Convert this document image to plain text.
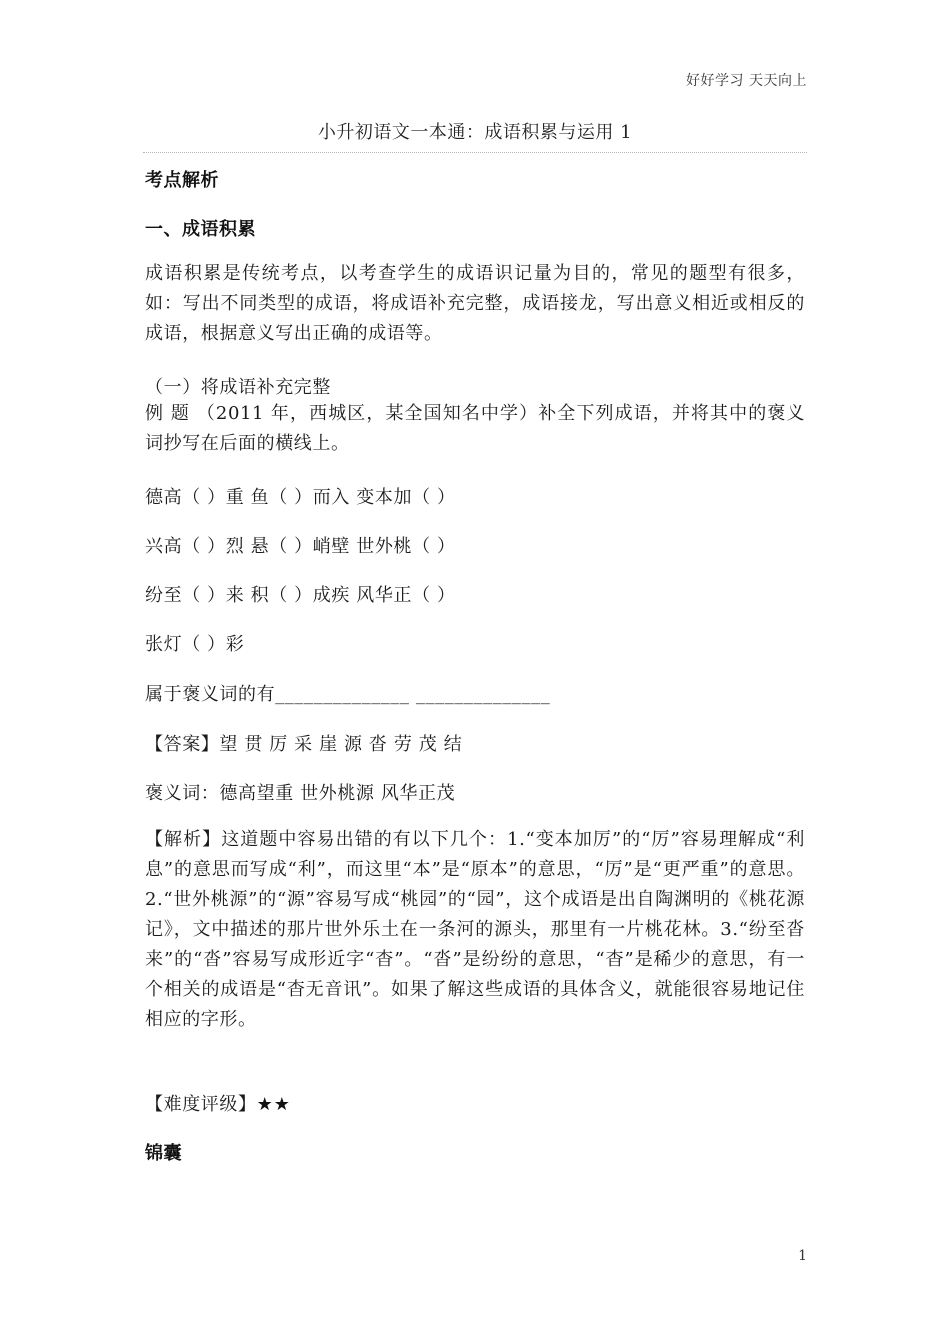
好好学习 天天向上
小升初语文一本通：成语积累与运用 1
考点解析
一、成语积累
成语积累是传统考点，以考查学生的成语识记量为目的，常见的题型有很多，如：写出不同类型的成语，将成语补充完整，成语接龙，写出意义相近或相反的成语，根据意义写出正确的成语等。
（一）将成语补充完整
例 题 （2011 年，西城区，某全国知名中学）补全下列成语，并将其中的褒义词抄写在后面的横线上。
德高（ ）重 鱼（ ）而入 变本加（ ）
兴高（ ）烈 悬（ ）峭壁 世外桃（ ）
纷至（ ）来 积（ ）成疾 风华正（ ）
张灯（ ）彩
属于褒义词的有______________ ______________
【答案】望 贯 厉 采 崖 源 沓 劳 茂 结
褒义词：德高望重 世外桃源 风华正茂
【解析】这道题中容易出错的有以下几个：1.“变本加厉”的“厉”容易理解成“利息”的意思而写成“利”，而这里“本”是“原本”的意思，“厉”是“更严重”的意思。2.“世外桃源”的“源”容易写成“桃园”的“园”，这个成语是出自陶渊明的《桃花源记》，文中描述的那片世外乐土在一条河的源头，那里有一片桃花林。3.“纷至沓来”的“沓”容易写成形近字“杳”。“沓”是纷纷的意思，“杳”是稀少的意思，有一个相关的成语是“杳无音讯”。如果了解这些成语的具体含义，就能很容易地记住相应的字形。
【难度评级】★★
锦囊
1
